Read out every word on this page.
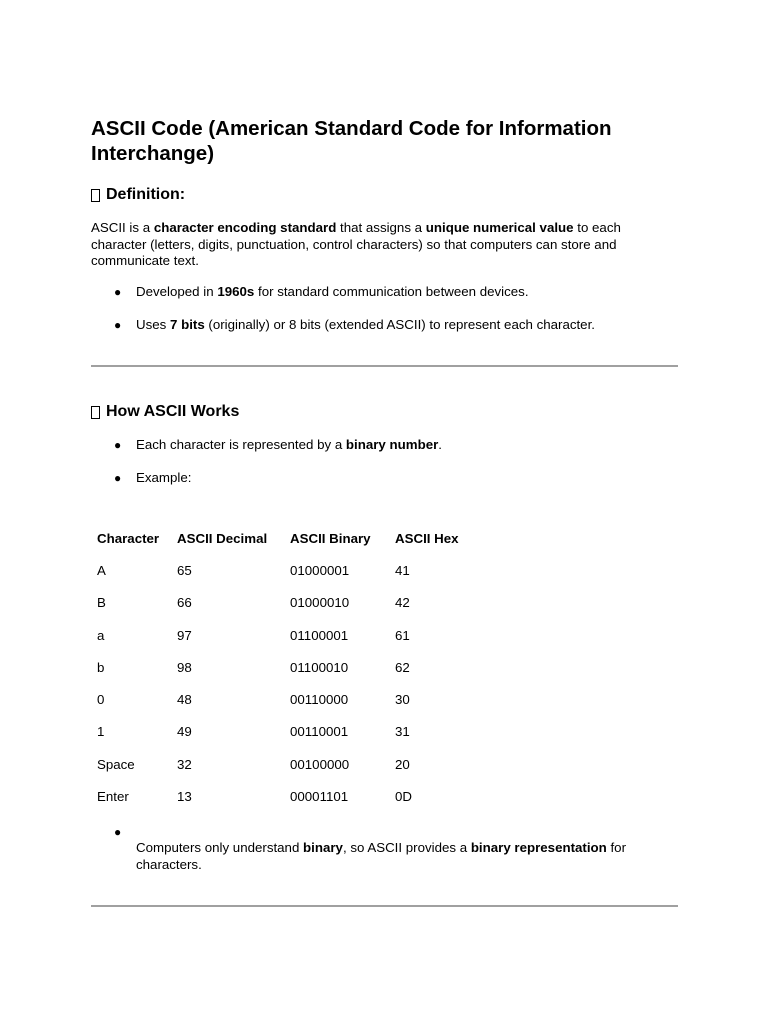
ASCII Code (American Standard Code for Information Interchange)
Definition:

ASCII is a character encoding standard that assigns a unique numerical value to each character (letters, digits, punctuation, control characters) so that computers can store and communicate text.

● Developed in 1960s for standard communication between devices.
● Uses 7 bits (originally) or 8 bits (extended ASCII) to represent each character.
How ASCII Works
● Each character is represented by a binary number.
● Example:
Character	ASCII Decimal	ASCII Binary	ASCII Hex
A	65	01000001	41
B	66	01000010	42
a	97	01100001	61
b	98	01100010	62
0	48	00110000	30
1	49	00110001	31
Space	32	00100000	20
Enter	13	00001101	0D
●
Computers only understand binary, so ASCII provides a binary representation for characters.
